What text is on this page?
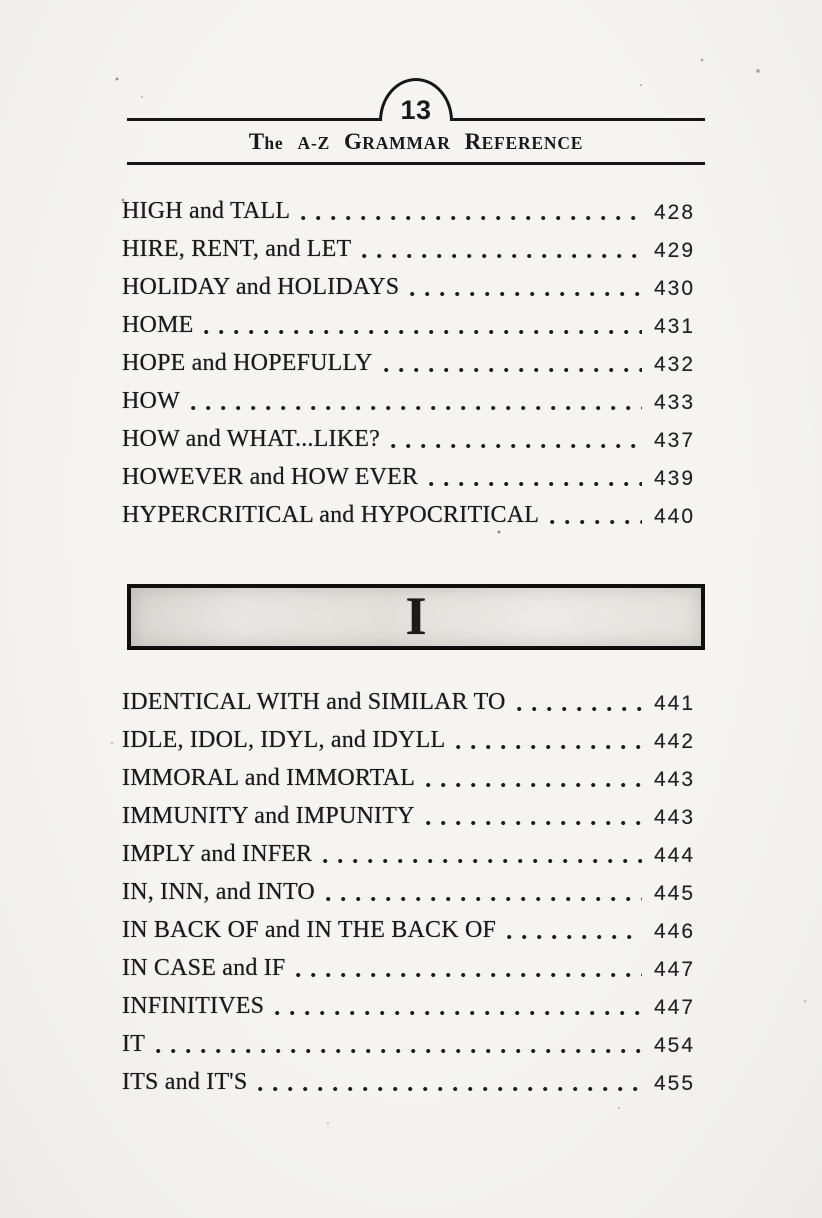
13
The A-Z GRAMMAR REFERENCE
HIGH and TALL	428
HIRE, RENT, and LET	429
HOLIDAY and HOLIDAYS	430
HOME	431
HOPE and HOPEFULLY	432
HOW	433
HOW and WHAT...LIKE?	437
HOWEVER and HOW EVER	439
HYPERCRITICAL and HYPOCRITICAL	440
I
IDENTICAL WITH and SIMILAR TO	441
IDLE, IDOL, IDYL, and IDYLL	442
IMMORAL and IMMORTAL	443
IMMUNITY and IMPUNITY	443
IMPLY and INFER	444
IN, INN, and INTO	445
IN BACK OF and IN THE BACK OF	446
IN CASE and IF	447
INFINITIVES	447
IT	454
ITS and IT'S	455
